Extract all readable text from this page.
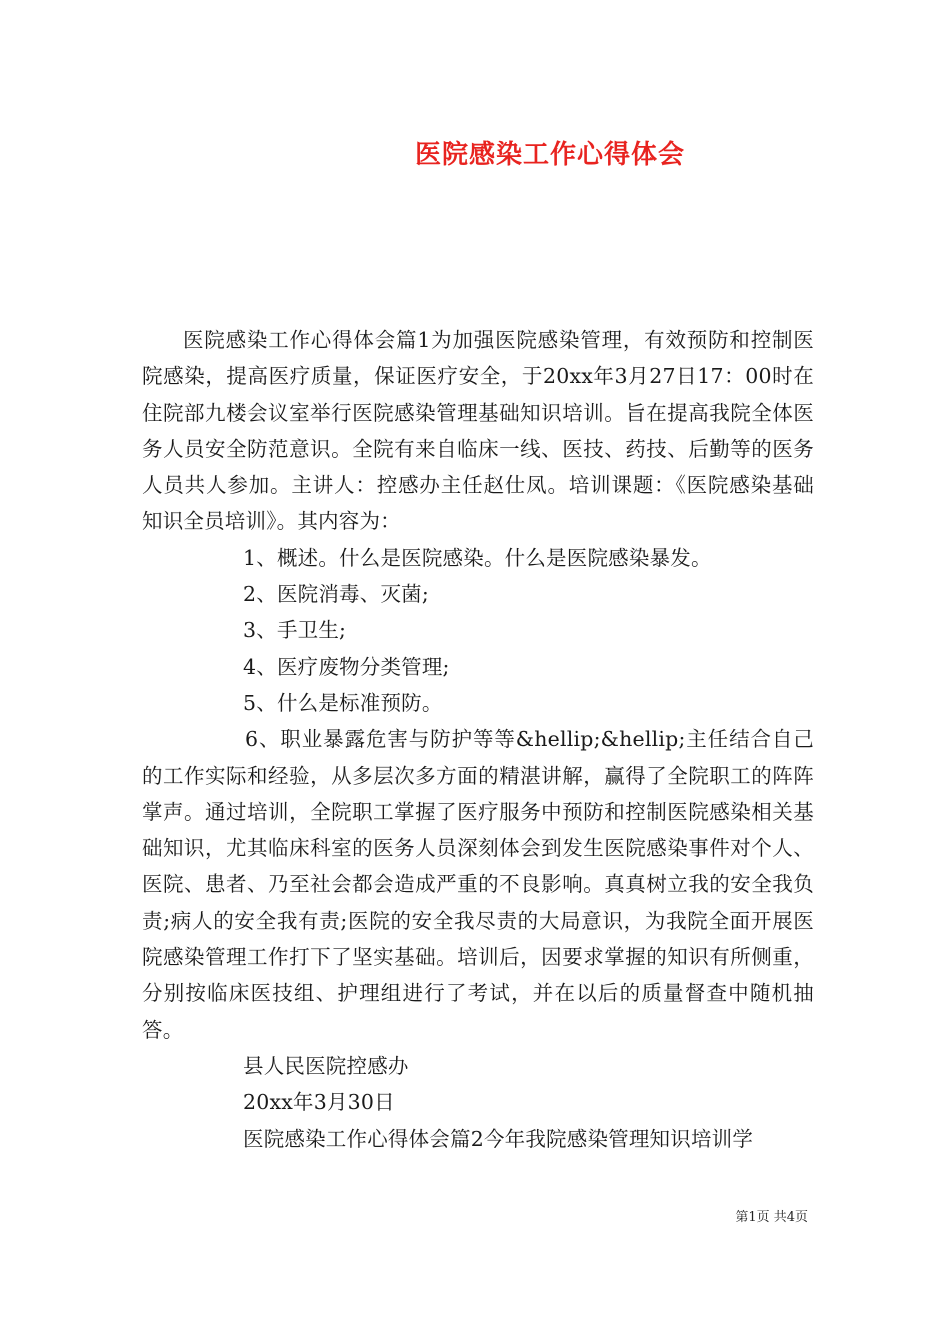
医院感染工作心得体会

医院感染工作心得体会篇1为加强医院感染管理，有效预防和控制医院感染，提高医疗质量，保证医疗安全，于20xx年3月27日17：00时在住院部九楼会议室举行医院感染管理基础知识培训。旨在提高我院全体医务人员安全防范意识。全院有来自临床一线、医技、药技、后勤等的医务人员共人参加。主讲人：控感办主任赵仕凤。培训课题：《医院感染基础知识全员培训》。其内容为：

1、概述。什么是医院感染。什么是医院感染暴发。

2、医院消毒、灭菌;

3、手卫生;

4、医疗废物分类管理;

5、什么是标准预防。

6、职业暴露危害与防护等等&hellip;&hellip;主任结合自己的工作实际和经验，从多层次多方面的精湛讲解，赢得了全院职工的阵阵掌声。通过培训，全院职工掌握了医疗服务中预防和控制医院感染相关基础知识，尤其临床科室的医务人员深刻体会到发生医院感染事件对个人、医院、患者、乃至社会都会造成严重的不良影响。真真树立我的安全我负责;病人的安全我有责;医院的安全我尽责的大局意识，为我院全面开展医院感染管理工作打下了坚实基础。培训后，因要求掌握的知识有所侧重，分别按临床医技组、护理组进行了考试，并在以后的质量督查中随机抽答。

县人民医院控感办

20xx年3月30日

医院感染工作心得体会篇2今年我院感染管理知识培训学

第1页 共4页
